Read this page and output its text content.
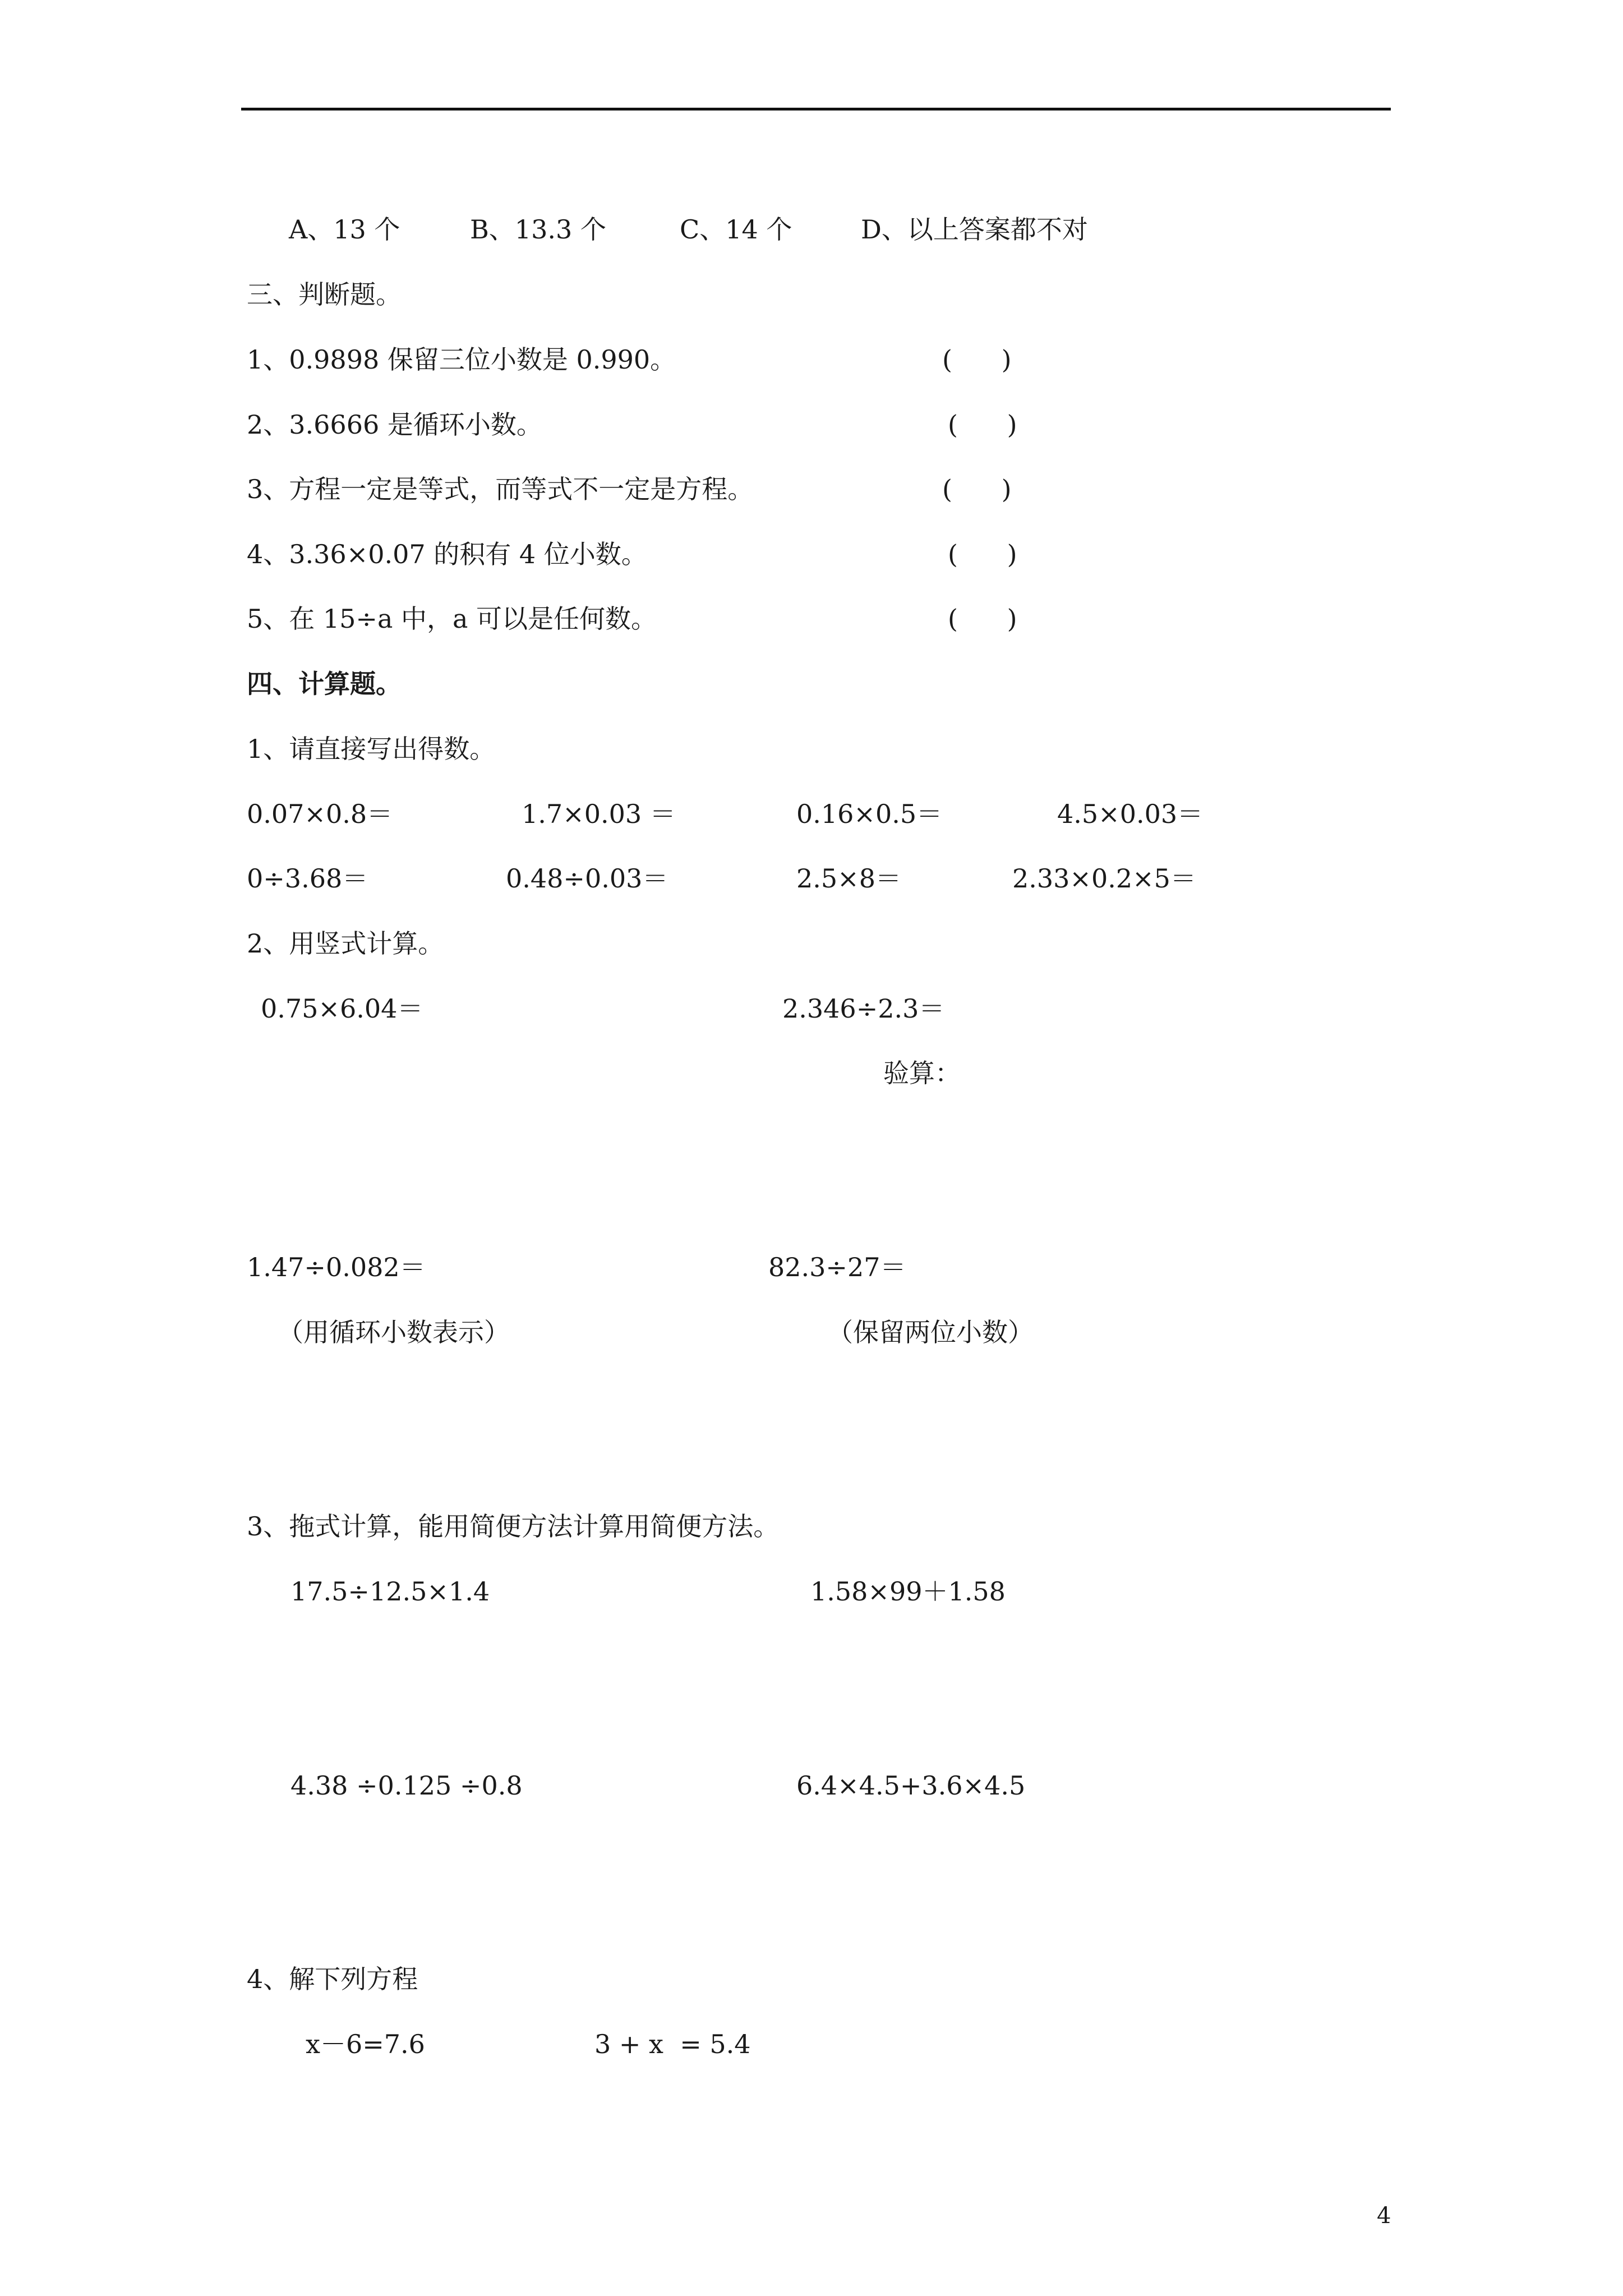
A、13 个	B、13.3 个	C、14 个	D、以上答案都不对
三、判断题。
1、0.9898 保留三位小数是 0.990。	(      )
2、3.6666 是循环小数。	(      )
3、方程一定是等式，而等式不一定是方程。	(      )
4、3.36×0.07 的积有 4 位小数。	(      )
5、在 15÷a 中，a 可以是任何数。	(      )
四、计算题。
1、请直接写出得数。
0.07×0.8＝	1.7×0.03 ＝	0.16×0.5＝	4.5×0.03＝
0÷3.68＝	0.48÷0.03＝	2.5×8＝	2.33×0.2×5＝
2、用竖式计算。
0.75×6.04＝	2.346÷2.3＝
验算：
1.47÷0.082＝	82.3÷27＝
（用循环小数表示）	（保留两位小数）
3、拖式计算，能用简便方法计算用简便方法。
17.5÷12.5×1.4	1.58×99＋1.58
4.38 ÷0.125 ÷0.8	6.4×4.5+3.6×4.5
4、解下列方程
x－6=7.6	3 + x  = 5.4
4
